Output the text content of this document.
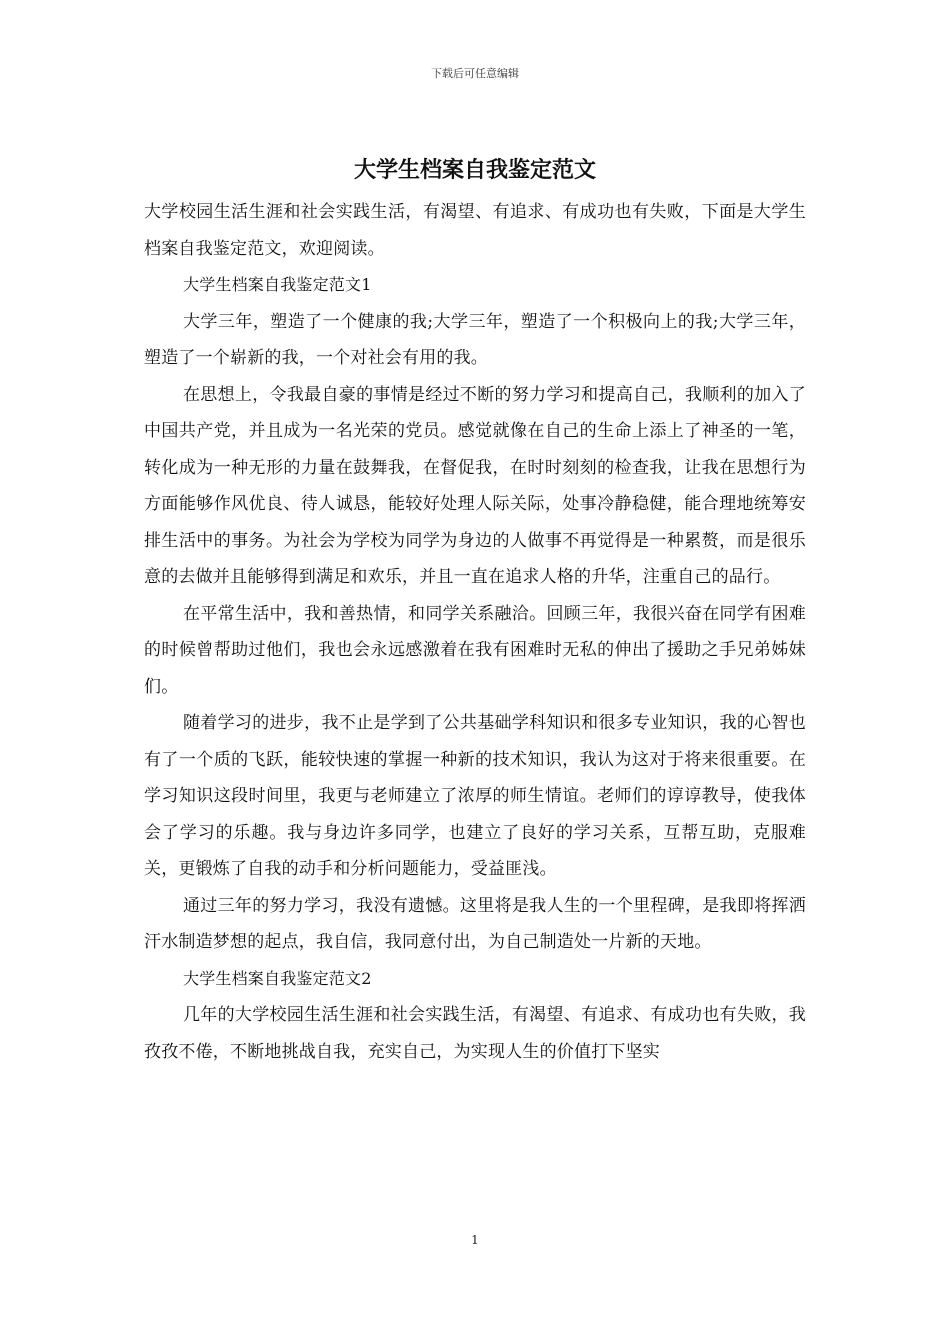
下载后可任意编辑
大学生档案自我鉴定范文

大学校园生活生涯和社会实践生活，有渴望、有追求、有成功也有失败，下面是大学生档案自我鉴定范文，欢迎阅读。

大学生档案自我鉴定范文1

大学三年，塑造了一个健康的我;大学三年，塑造了一个积极向上的我;大学三年，塑造了一个崭新的我，一个对社会有用的我。

在思想上，令我最自豪的事情是经过不断的努力学习和提高自己，我顺利的加入了中国共产党，并且成为一名光荣的党员。感觉就像在自己的生命上添上了神圣的一笔，转化成为一种无形的力量在鼓舞我，在督促我，在时时刻刻的检查我，让我在思想行为方面能够作风优良、待人诚恳，能较好处理人际关际，处事冷静稳健，能合理地统筹安排生活中的事务。为社会为学校为同学为身边的人做事不再觉得是一种累赘，而是很乐意的去做并且能够得到满足和欢乐，并且一直在追求人格的升华，注重自己的品行。

在平常生活中，我和善热情，和同学关系融洽。回顾三年，我很兴奋在同学有困难的时候曾帮助过他们，我也会永远感激着在我有困难时无私的伸出了援助之手兄弟姊妹们。

随着学习的进步，我不止是学到了公共基础学科知识和很多专业知识，我的心智也有了一个质的飞跃，能较快速的掌握一种新的技术知识，我认为这对于将来很重要。在学习知识这段时间里，我更与老师建立了浓厚的师生情谊。老师们的谆谆教导，使我体会了学习的乐趣。我与身边许多同学，也建立了良好的学习关系，互帮互助，克服难关，更锻炼了自我的动手和分析问题能力，受益匪浅。

通过三年的努力学习，我没有遗憾。这里将是我人生的一个里程碑，是我即将挥洒汗水制造梦想的起点，我自信，我同意付出，为自己制造处一片新的天地。

大学生档案自我鉴定范文2

几年的大学校园生活生涯和社会实践生活，有渴望、有追求、有成功也有失败，我孜孜不倦，不断地挑战自我，充实自己，为实现人生的价值打下坚实

1
